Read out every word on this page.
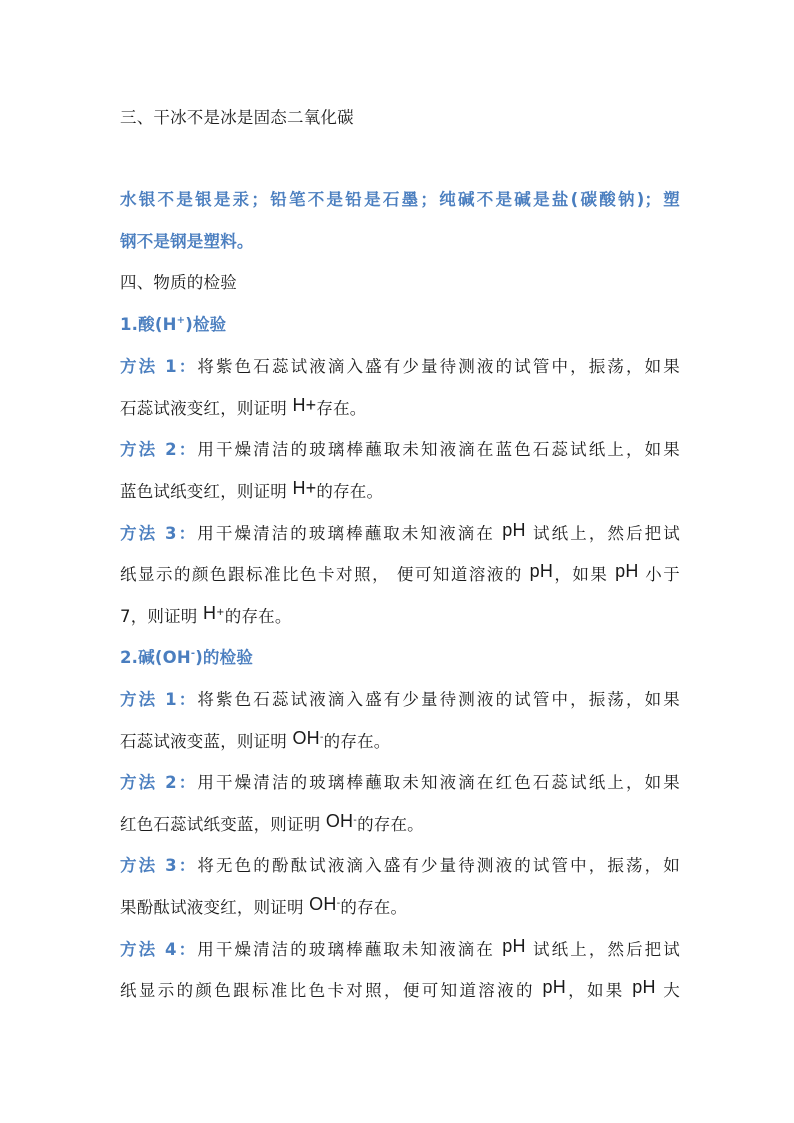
三、干冰不是冰是固态二氧化碳
水银不是银是汞；铅笔不是铅是石墨；纯碱不是碱是盐(碳酸钠)；塑
钢不是钢是塑料。
四、物质的检验
1.酸(H+)检验
方法 1：将紫色石蕊试液滴入盛有少量待测液的试管中，振荡，如果
石蕊试液变红，则证明 H+存在。
方法 2：用干燥清洁的玻璃棒蘸取未知液滴在蓝色石蕊试纸上，如果
蓝色试纸变红，则证明 H+的存在。
方法 3：用干燥清洁的玻璃棒蘸取未知液滴在 pH 试纸上，然后把试
纸显示的颜色跟标准比色卡对照， 便可知道溶液的 pH，如果 pH 小于
7，则证明 H+的存在。
2.碱(OH-)的检验
方法 1：将紫色石蕊试液滴入盛有少量待测液的试管中，振荡，如果
石蕊试液变蓝，则证明 OH-的存在。
方法 2：用干燥清洁的玻璃棒蘸取未知液滴在红色石蕊试纸上，如果
红色石蕊试纸变蓝，则证明 OH-的存在。
方法 3：将无色的酚酞试液滴入盛有少量待测液的试管中，振荡，如
果酚酞试液变红，则证明 OH-的存在。
方法 4：用干燥清洁的玻璃棒蘸取未知液滴在 pH 试纸上，然后把试
纸显示的颜色跟标准比色卡对照，便可知道溶液的 pH，如果 pH 大
